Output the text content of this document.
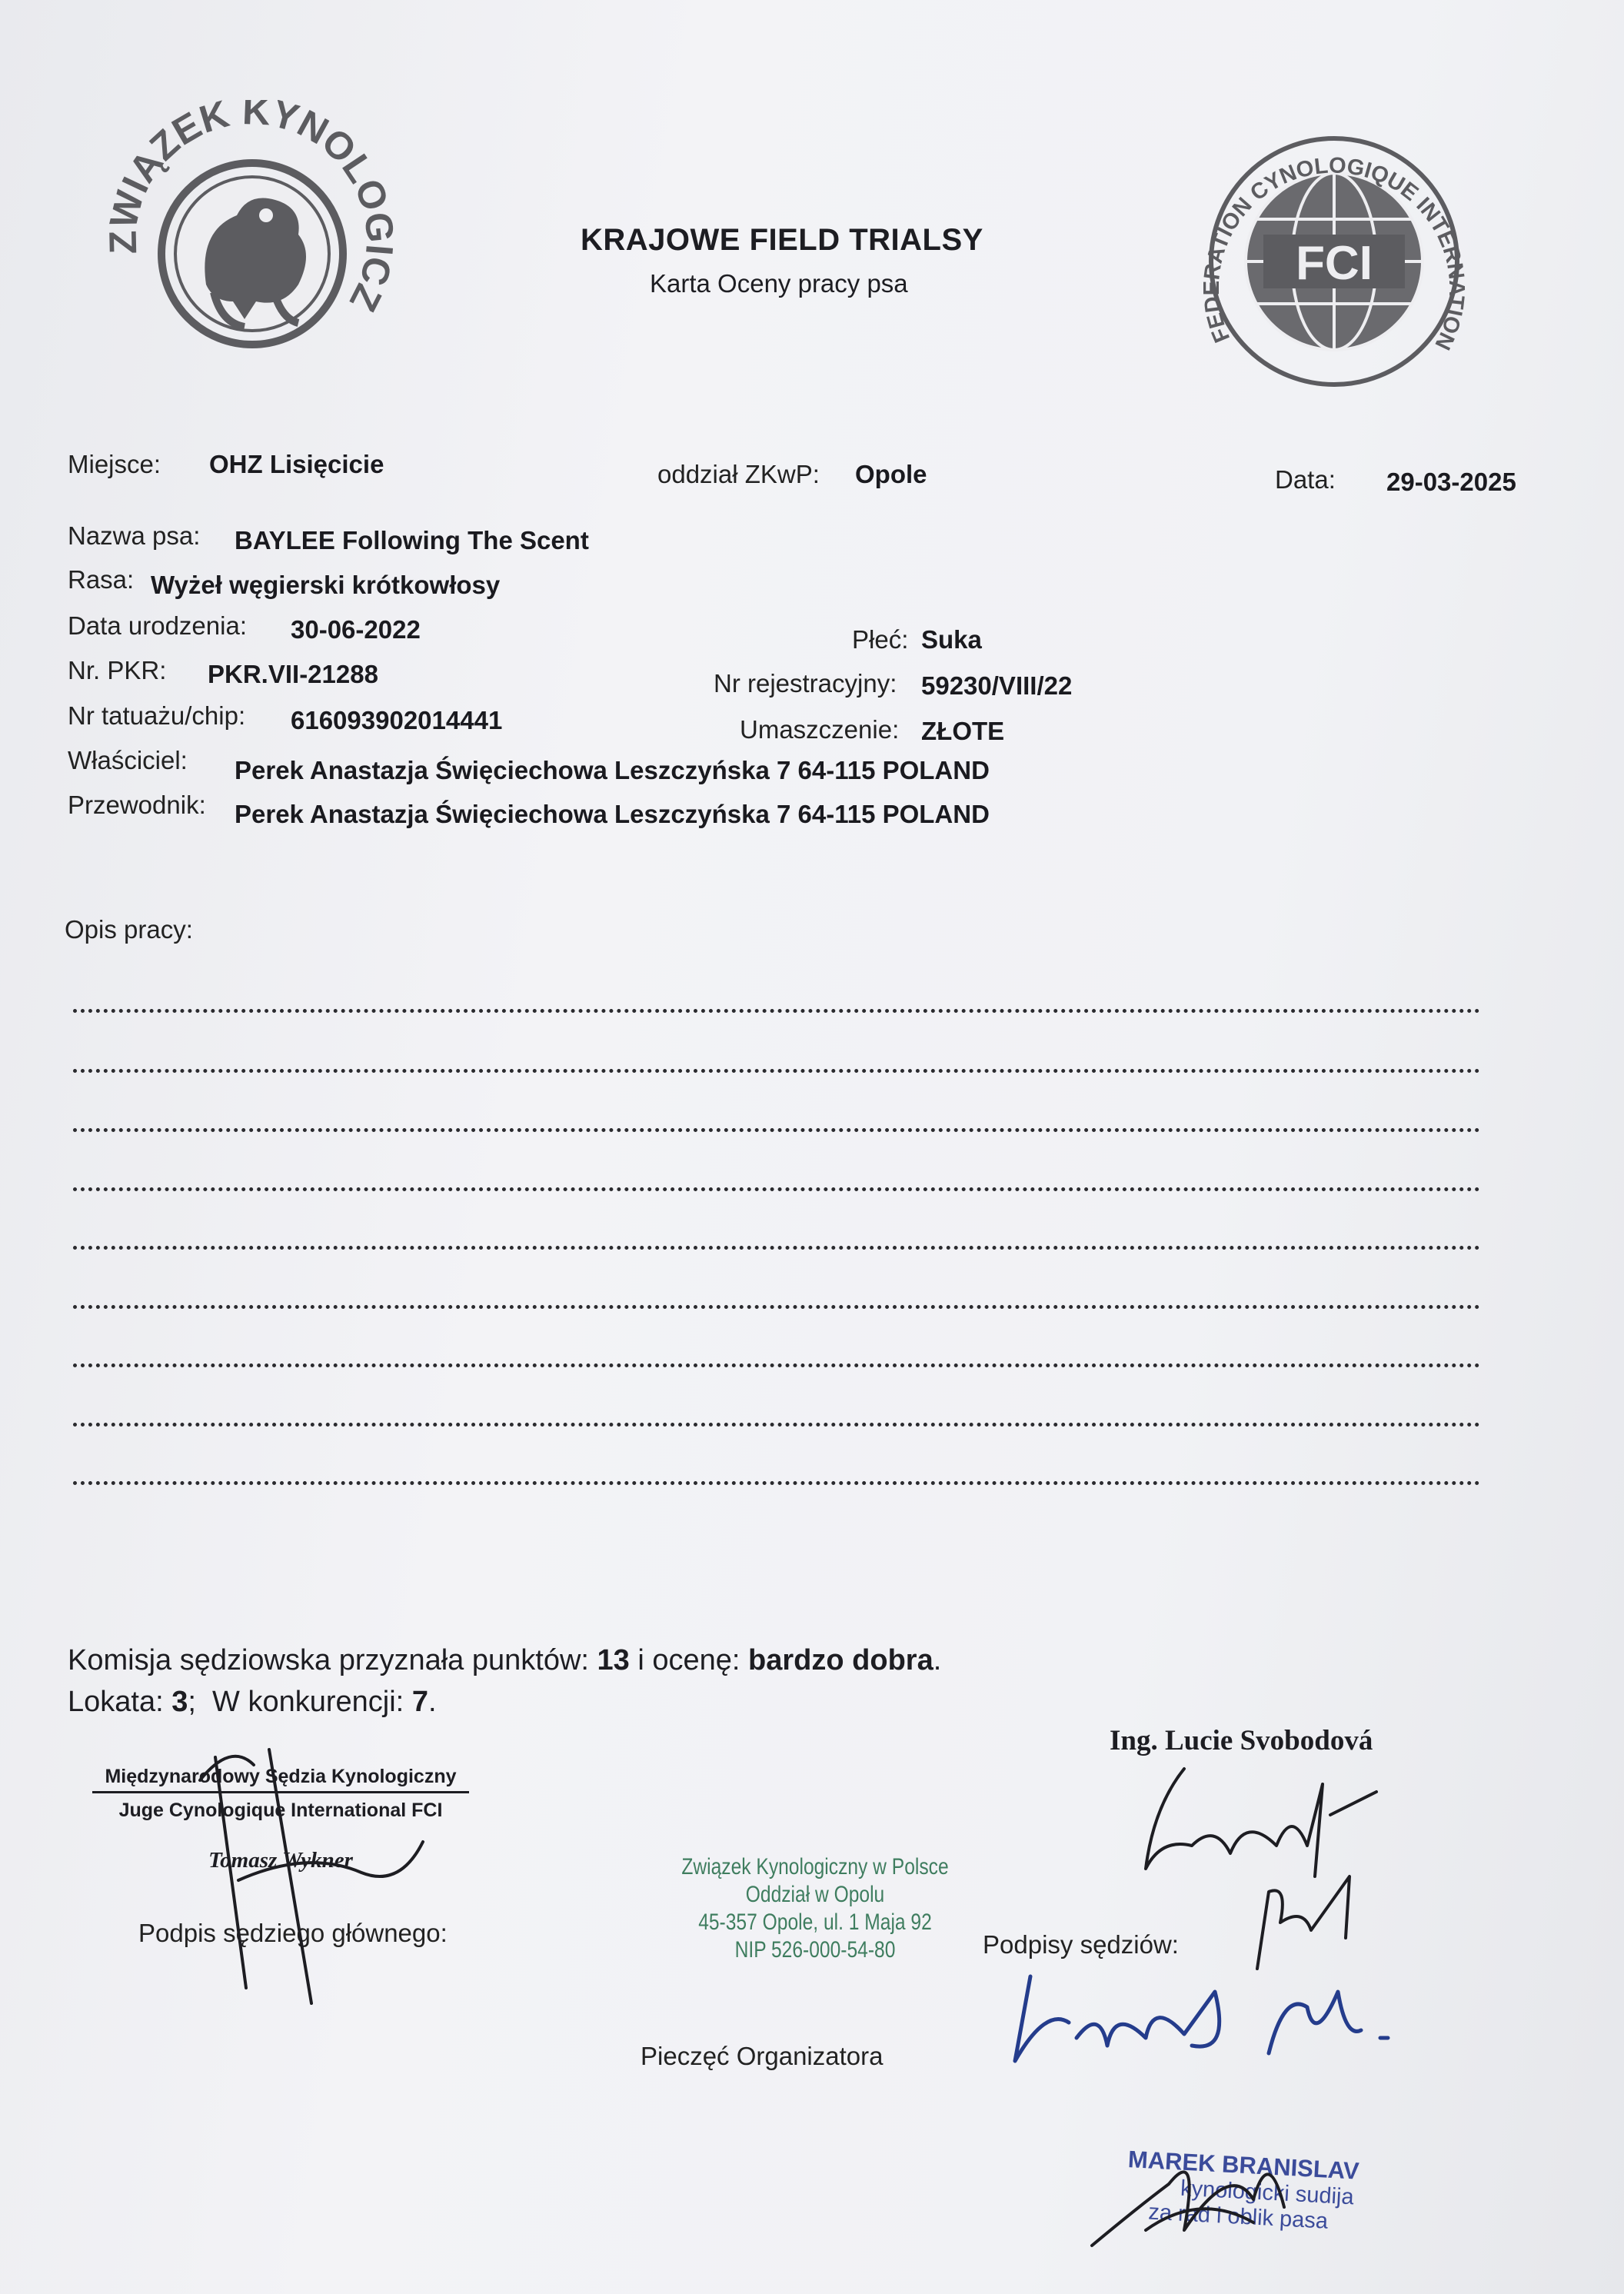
ZWIĄZEK KYNOLOGICZ
FCI
FEDERATION CYNOLOGIQUE INTERNATION
KRAJOWE FIELD TRIALSY
Karta Oceny pracy psa
Miejsce: OHZ Lisięcicie	oddział ZKwP: Opole	Data: 29-03-2025
Nazwa psa: BAYLEE Following The Scent
Rasa: Wyżeł węgierski krótkowłosy
Data urodzenia: 30-06-2022	Płeć: Suka
Nr. PKR: PKR.VII-21288	Nr rejestracyjny: 59230/VIII/22
Nr tatuażu/chip: 616093902014441	Umaszczenie: ZŁOTE
Właściciel: Perek Anastazja Święciechowa Leszczyńska 7 64-115 POLAND
Przewodnik: Perek Anastazja Święciechowa Leszczyńska 7 64-115 POLAND
Opis pracy:
Komisja sędziowska przyznała punktów: 13 i ocenę: bardzo dobra.
Lokata: 3;  W konkurencji: 7.
Międzynarodowy Sędzia Kynologiczny
Juge Cynologique International FCI
Tomasz Wykner
Podpis sędziego głównego:
Związek Kynologiczny w Polsce
Oddział w Opolu
45-357 Opole, ul. 1 Maja 92
NIP 526-000-54-80
Pieczęć Organizatora
Ing. Lucie Svobodová
Podpisy sędziów:
MAREK BRANISLAV
kynologicki sudija
za rad i oblik pasa
